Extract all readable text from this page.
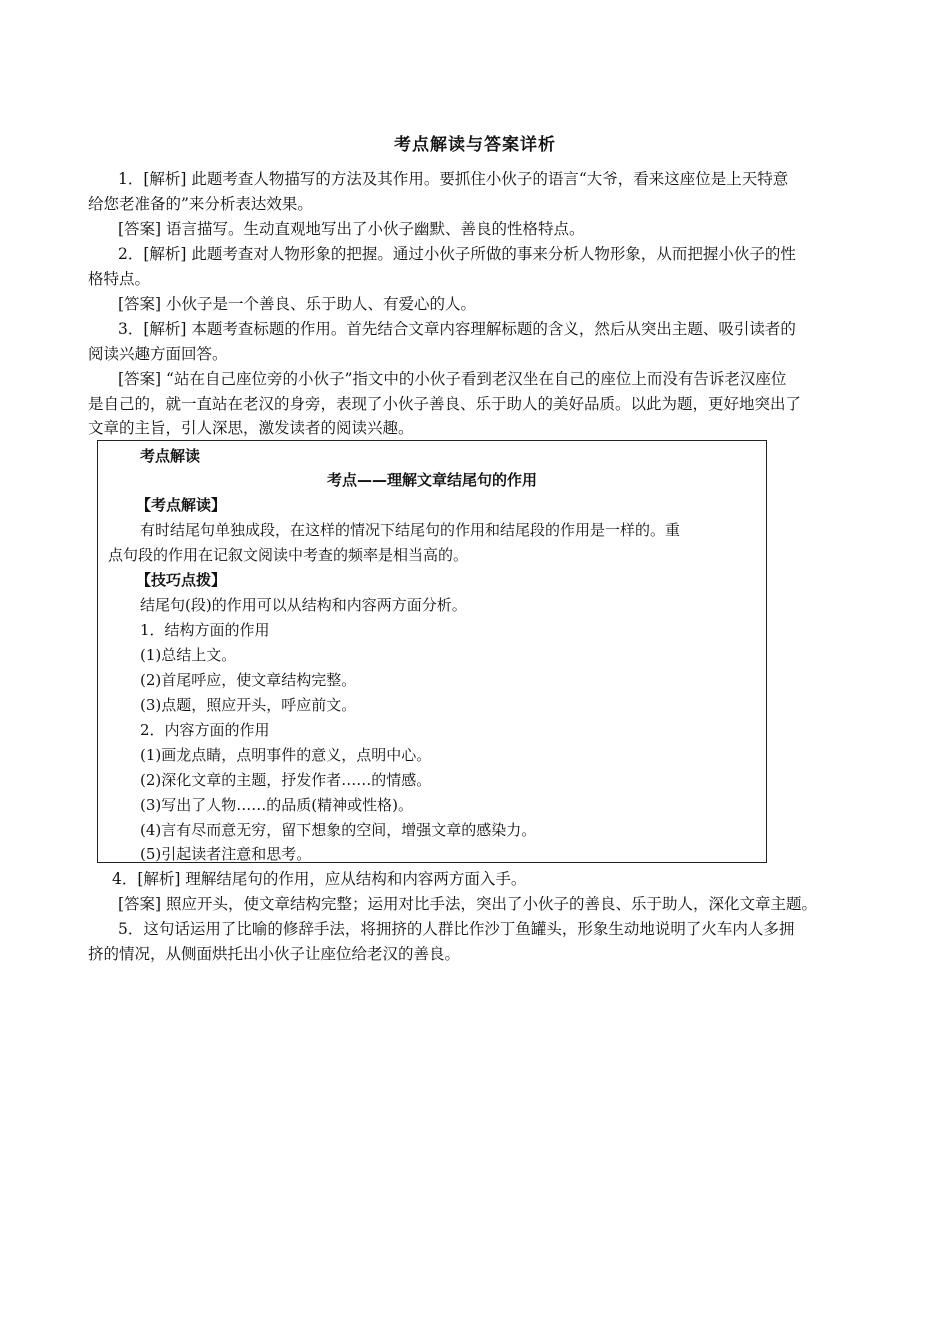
考点解读与答案详析
1．[解析] 此题考查人物描写的方法及其作用。要抓住小伙子的语言“大爷，看来这座位是上天特意
给您老准备的”来分析表达效果。
[答案] 语言描写。生动直观地写出了小伙子幽默、善良的性格特点。
2．[解析] 此题考查对人物形象的把握。通过小伙子所做的事来分析人物形象，从而把握小伙子的性
格特点。
[答案] 小伙子是一个善良、乐于助人、有爱心的人。
3．[解析] 本题考查标题的作用。首先结合文章内容理解标题的含义，然后从突出主题、吸引读者的
阅读兴趣方面回答。
[答案] “站在自己座位旁的小伙子”指文中的小伙子看到老汉坐在自己的座位上而没有告诉老汉座位
是自己的，就一直站在老汉的身旁，表现了小伙子善良、乐于助人的美好品质。以此为题，更好地突出了
文章的主旨，引人深思，激发读者的阅读兴趣。
考点解读
考点——理解文章结尾句的作用
【考点解读】
有时结尾句单独成段，在这样的情况下结尾句的作用和结尾段的作用是一样的。重
点句段的作用在记叙文阅读中考查的频率是相当高的。
【技巧点拨】
结尾句(段)的作用可以从结构和内容两方面分析。
1．结构方面的作用
(1)总结上文。
(2)首尾呼应，使文章结构完整。
(3)点题，照应开头，呼应前文。
2．内容方面的作用
(1)画龙点睛，点明事件的意义，点明中心。
(2)深化文章的主题，抒发作者……的情感。
(3)写出了人物……的品质(精神或性格)。
(4)言有尽而意无穷，留下想象的空间，增强文章的感染力。
(5)引起读者注意和思考。
4．[解析] 理解结尾句的作用，应从结构和内容两方面入手。
[答案] 照应开头，使文章结构完整；运用对比手法，突出了小伙子的善良、乐于助人，深化文章主题。
5．这句话运用了比喻的修辞手法，将拥挤的人群比作沙丁鱼罐头，形象生动地说明了火车内人多拥
挤的情况，从侧面烘托出小伙子让座位给老汉的善良。
